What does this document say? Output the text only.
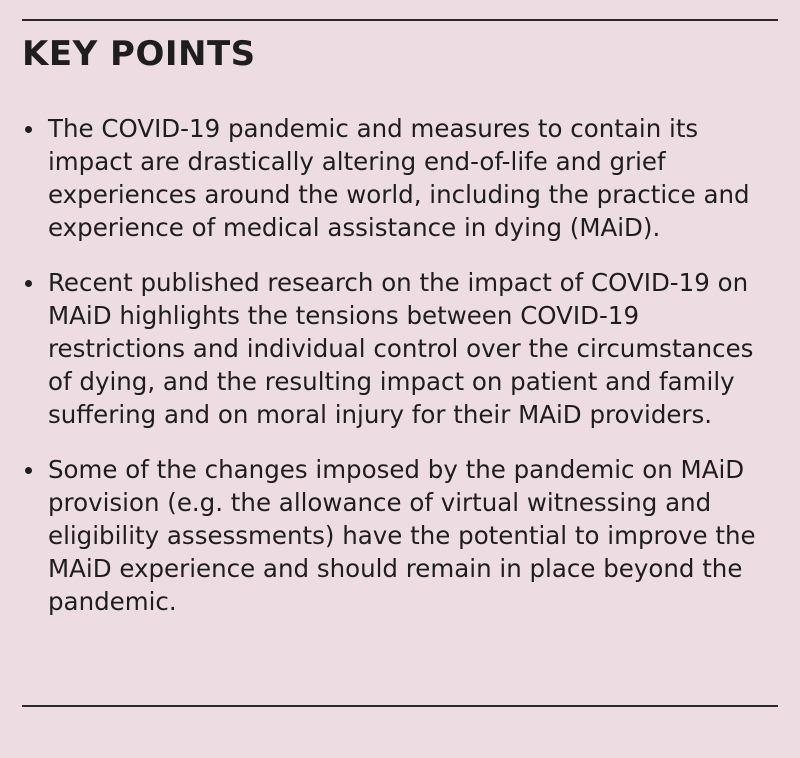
KEY POINTS
The COVID-19 pandemic and measures to contain its impact are drastically altering end-of-life and grief experiences around the world, including the practice and experience of medical assistance in dying (MAiD).
Recent published research on the impact of COVID-19 on MAiD highlights the tensions between COVID-19 restrictions and individual control over the circumstances of dying, and the resulting impact on patient and family suffering and on moral injury for their MAiD providers.
Some of the changes imposed by the pandemic on MAiD provision (e.g. the allowance of virtual witnessing and eligibility assessments) have the potential to improve the MAiD experience and should remain in place beyond the pandemic.
